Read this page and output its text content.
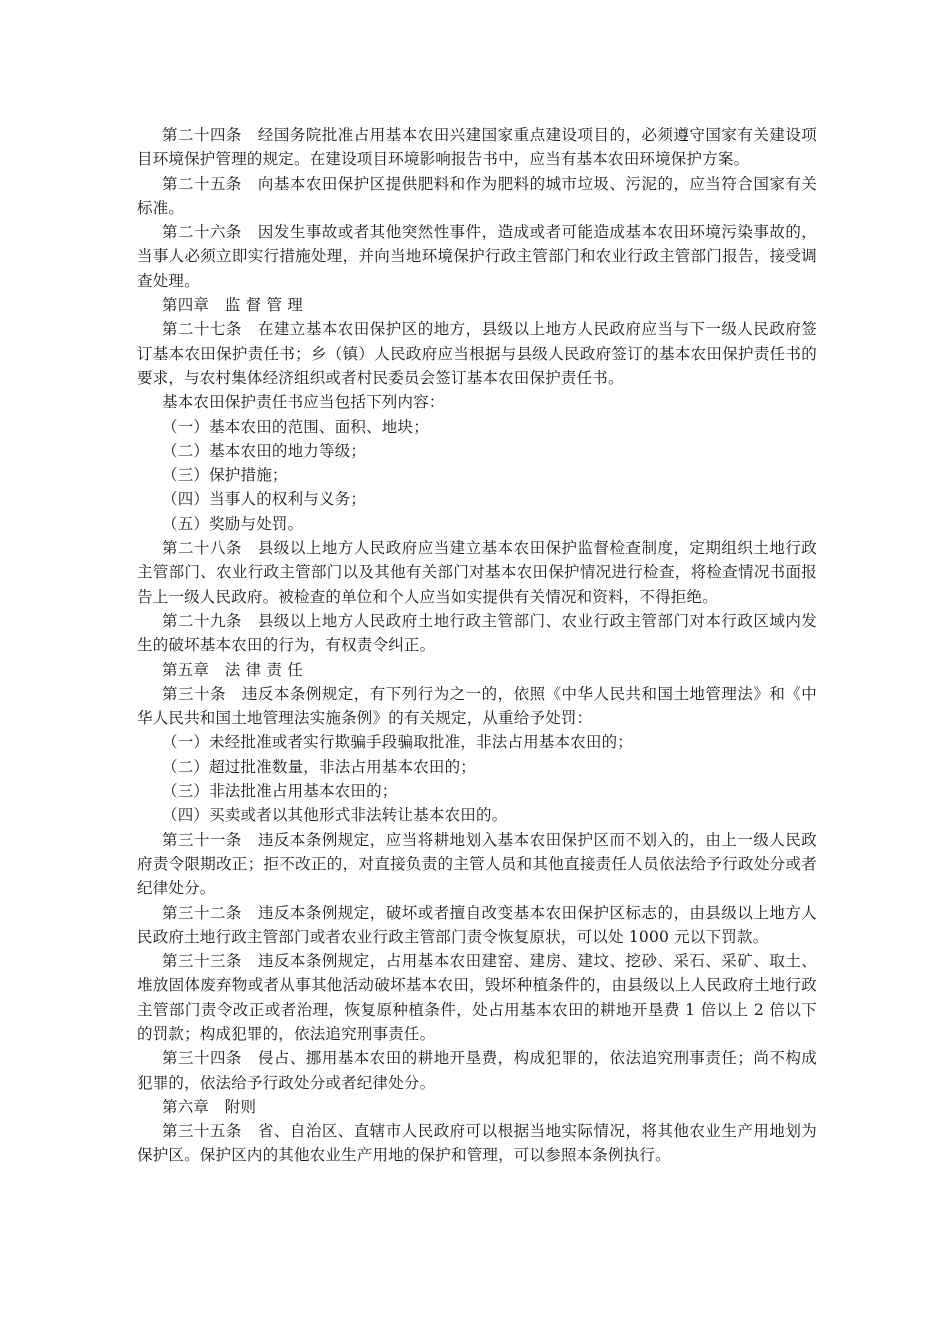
第二十四条　经国务院批准占用基本农田兴建国家重点建设项目的，必须遵守国家有关建设项目环境保护管理的规定。在建设项目环境影响报告书中，应当有基本农田环境保护方案。

第二十五条　向基本农田保护区提供肥料和作为肥料的城市垃圾、污泥的，应当符合国家有关标准。

第二十六条　因发生事故或者其他突然性事件，造成或者可能造成基本农田环境污染事故的，当事人必须立即实行措施处理，并向当地环境保护行政主管部门和农业行政主管部门报告，接受调查处理。

第四章　监 督 管 理

第二十七条　在建立基本农田保护区的地方，县级以上地方人民政府应当与下一级人民政府签订基本农田保护责任书；乡（镇）人民政府应当根据与县级人民政府签订的基本农田保护责任书的要求，与农村集体经济组织或者村民委员会签订基本农田保护责任书。

基本农田保护责任书应当包括下列内容：

（一）基本农田的范围、面积、地块；

（二）基本农田的地力等级；

（三）保护措施；

（四）当事人的权利与义务；

（五）奖励与处罚。

第二十八条　县级以上地方人民政府应当建立基本农田保护监督检查制度，定期组织土地行政主管部门、农业行政主管部门以及其他有关部门对基本农田保护情况进行检查，将检查情况书面报告上一级人民政府。被检查的单位和个人应当如实提供有关情况和资料，不得拒绝。

第二十九条　县级以上地方人民政府土地行政主管部门、农业行政主管部门对本行政区域内发生的破坏基本农田的行为，有权责令纠正。

第五章　法 律 责 任

第三十条　违反本条例规定，有下列行为之一的，依照《中华人民共和国土地管理法》和《中华人民共和国土地管理法实施条例》的有关规定，从重给予处罚：

（一）未经批准或者实行欺骗手段骗取批准，非法占用基本农田的；

（二）超过批准数量，非法占用基本农田的；

（三）非法批准占用基本农田的；

（四）买卖或者以其他形式非法转让基本农田的。

第三十一条　违反本条例规定，应当将耕地划入基本农田保护区而不划入的，由上一级人民政府责令限期改正；拒不改正的，对直接负责的主管人员和其他直接责任人员依法给予行政处分或者纪律处分。

第三十二条　违反本条例规定，破坏或者擅自改变基本农田保护区标志的，由县级以上地方人民政府土地行政主管部门或者农业行政主管部门责令恢复原状，可以处 1000 元以下罚款。

第三十三条　违反本条例规定，占用基本农田建窑、建房、建坟、挖砂、采石、采矿、取土、堆放固体废弃物或者从事其他活动破坏基本农田，毁坏种植条件的，由县级以上人民政府土地行政主管部门责令改正或者治理，恢复原种植条件，处占用基本农田的耕地开垦费 1 倍以上 2 倍以下的罚款；构成犯罪的，依法追究刑事责任。

第三十四条　侵占、挪用基本农田的耕地开垦费，构成犯罪的，依法追究刑事责任；尚不构成犯罪的，依法给予行政处分或者纪律处分。

第六章　附则

第三十五条　省、自治区、直辖市人民政府可以根据当地实际情况，将其他农业生产用地划为保护区。保护区内的其他农业生产用地的保护和管理，可以参照本条例执行。
